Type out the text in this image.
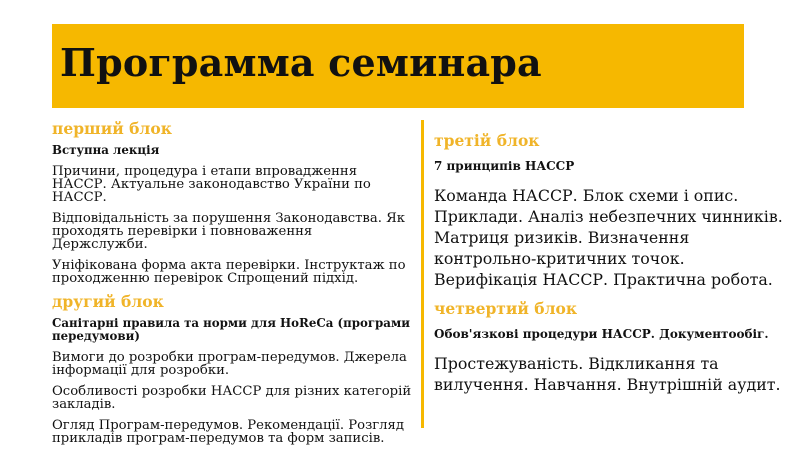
Программа семинара

перший блок

Вступна лекція

Причини, процедура і етапи впровадження НАССР. Актуальне законодавство України по НАССР.

Відповідальність за порушення Законодавства. Як проходять перевірки і повноваження Держслужби.

Уніфікована форма акта перевірки. Інструктаж по проходженню перевірок Спрощений підхід.

другий блок

Санітарні правила та норми для HoReCa (програми передумови)

Вимоги до розробки програм-передумов. Джерела інформації для розробки.

Особливості розробки НАССР для різних категорій закладів.

Огляд Програм-передумов. Рекомендації. Розгляд прикладів програм-передумов та форм записів.

третій блок

7 принципів НАССР

Команда НАССР. Блок схеми і опис. Приклади. Аналіз небезпечних чинників. Матриця ризиків. Визначення контрольно-критичних точок. Верифікація НАССР. Практична робота.

четвертий блок

Обов'язкові процедури НАССР. Документообіг.

Простежуваність. Відкликання та вилучення. Навчання. Внутрішній аудит.
